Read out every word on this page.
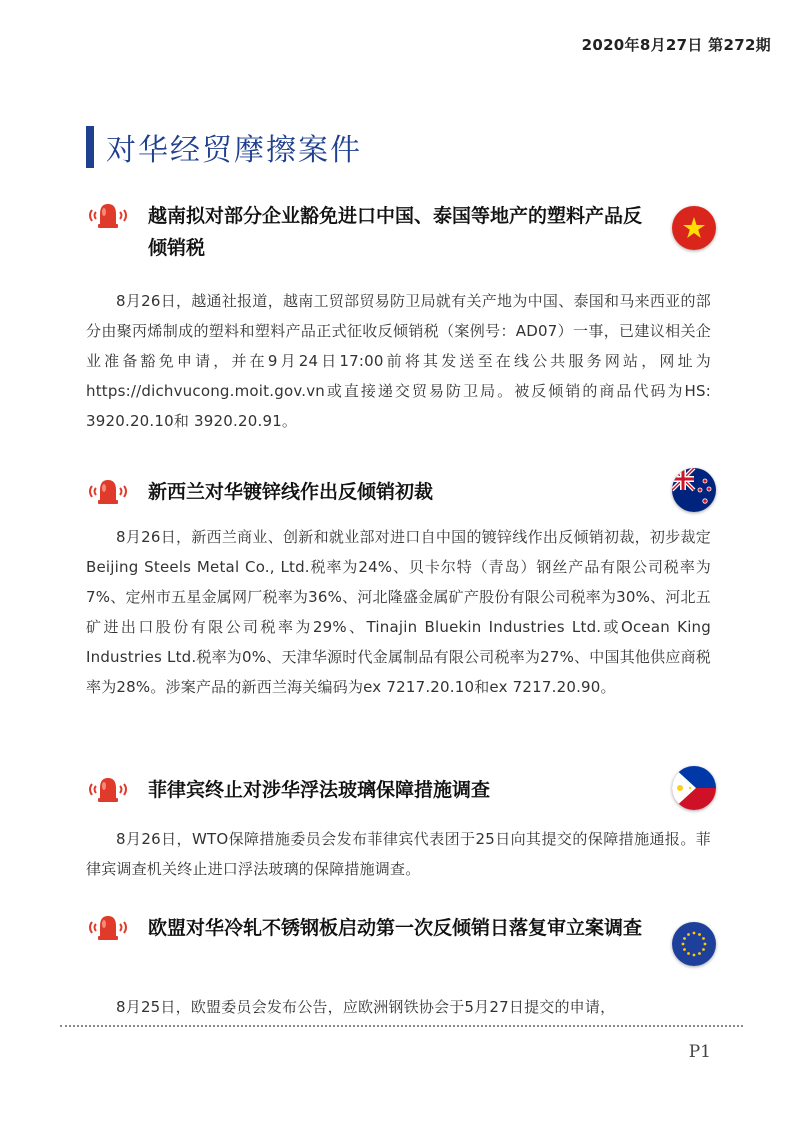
2020年8月27日 第272期
对华经贸摩擦案件
越南拟对部分企业豁免进口中国、泰国等地产的塑料产品反倾销税
8月26日，越通社报道，越南工贸部贸易防卫局就有关产地为中国、泰国和马来西亚的部分由聚丙烯制成的塑料和塑料产品正式征收反倾销税（案例号：AD07）一事，已建议相关企业准备豁免申请，并在9月24日17:00前将其发送至在线公共服务网站，网址为https://dichvucong.moit.gov.vn或直接递交贸易防卫局。被反倾销的商品代码为HS: 3920.20.10和 3920.20.91。
新西兰对华镀锌线作出反倾销初裁
8月26日，新西兰商业、创新和就业部对进口自中国的镀锌线作出反倾销初裁，初步裁定Beijing Steels Metal Co., Ltd.税率为24%、贝卡尔特（青岛）钢丝产品有限公司税率为7%、定州市五星金属网厂税率为36%、河北隆盛金属矿产股份有限公司税率为30%、河北五矿进出口股份有限公司税率为29%、Tinajin Bluekin Industries Ltd.或Ocean King Industries Ltd.税率为0%、天津华源时代金属制品有限公司税率为27%、中国其他供应商税率为28%。涉案产品的新西兰海关编码为ex 7217.20.10和ex 7217.20.90。
菲律宾终止对涉华浮法玻璃保障措施调查
8月26日，WTO保障措施委员会发布菲律宾代表团于25日向其提交的保障措施通报。菲律宾调查机关终止进口浮法玻璃的保障措施调查。
欧盟对华冷轧不锈钢板启动第一次反倾销日落复审立案调查
8月25日，欧盟委员会发布公告，应欧洲钢铁协会于5月27日提交的申请，
P1
